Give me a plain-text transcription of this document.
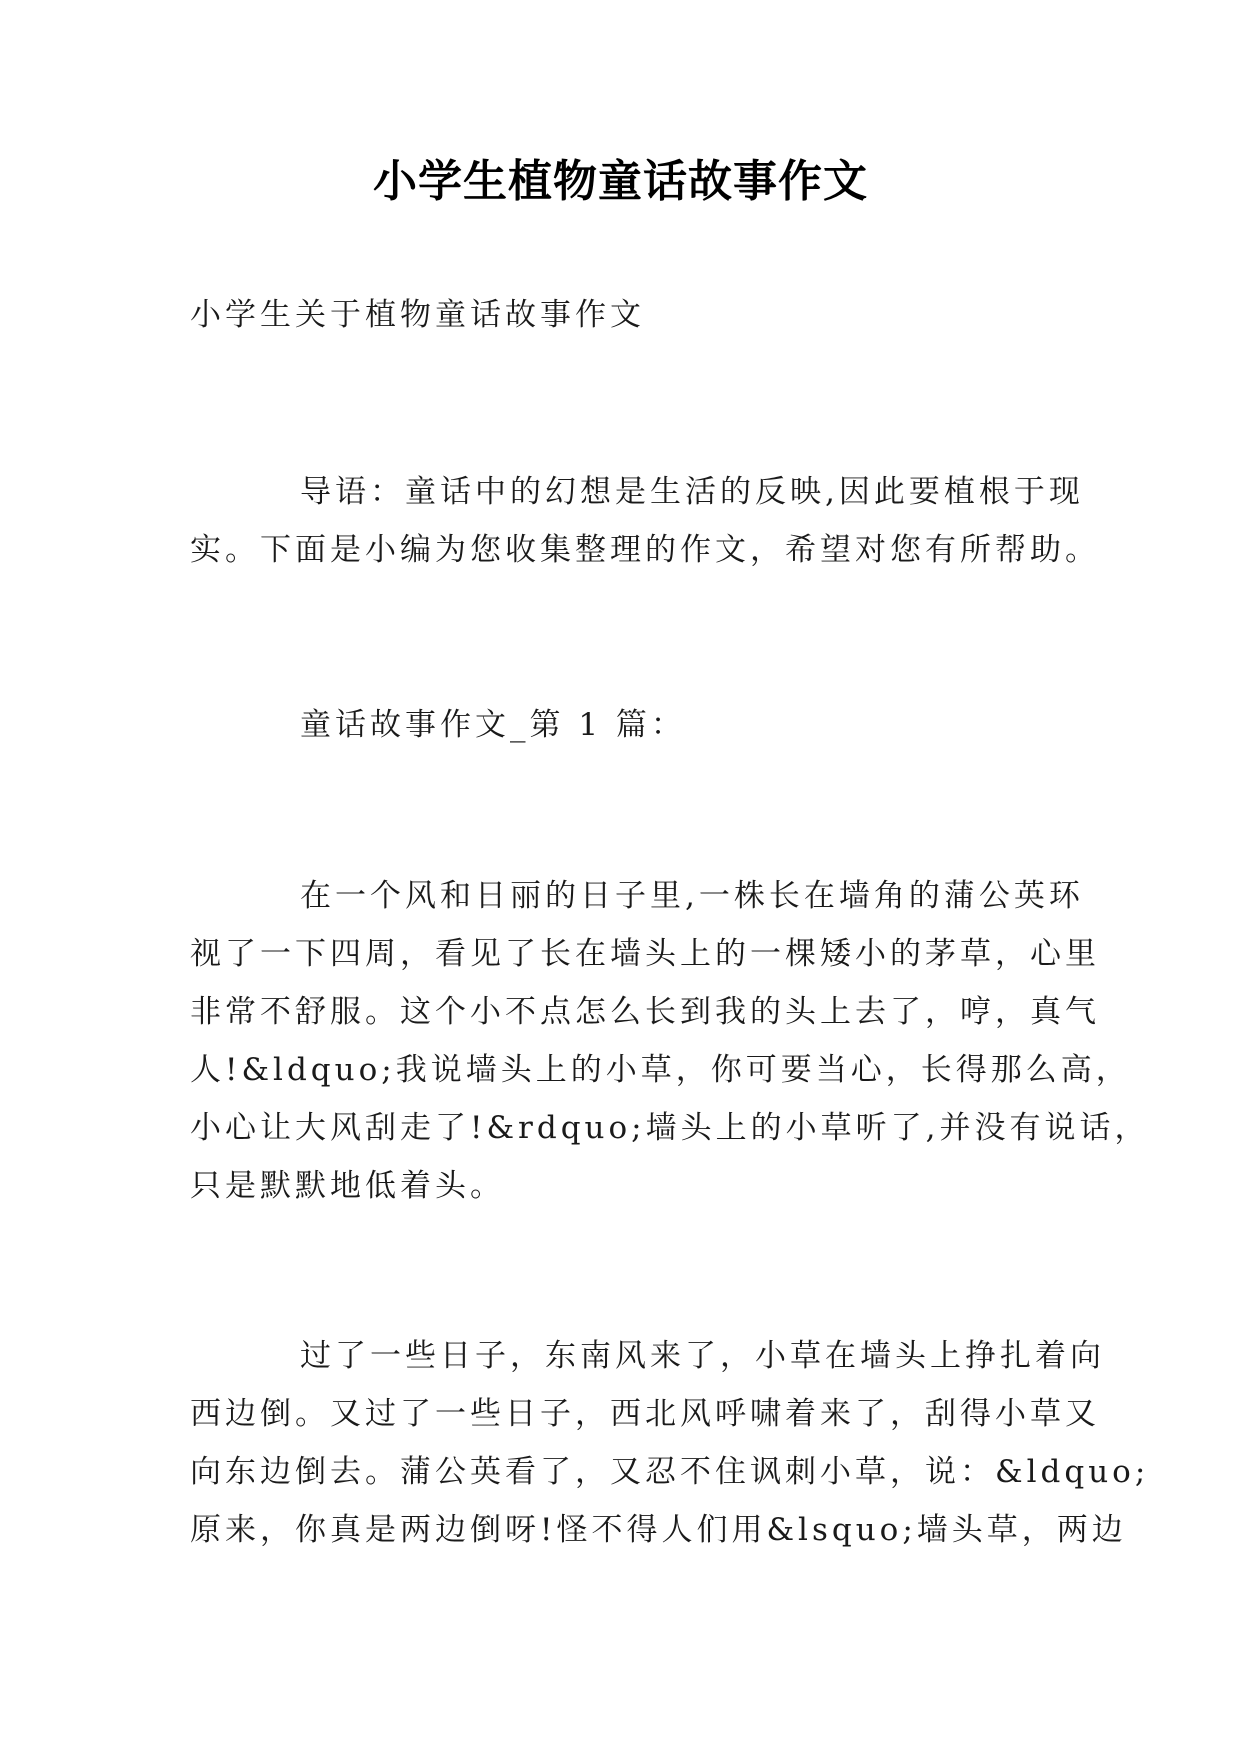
小学生植物童话故事作文
小学生关于植物童话故事作文
导语：童话中的幻想是生活的反映,因此要植根于现
实。下面是小编为您收集整理的作文，希望对您有所帮助。
童话故事作文_第 1 篇：
在一个风和日丽的日子里,一株长在墙角的蒲公英环
视了一下四周，看见了长在墙头上的一棵矮小的茅草，心里
非常不舒服。这个小不点怎么长到我的头上去了，哼，真气
人!&ldquo;我说墙头上的小草，你可要当心，长得那么高，
小心让大风刮走了!&rdquo;墙头上的小草听了,并没有说话，
只是默默地低着头。
过了一些日子，东南风来了，小草在墙头上挣扎着向
西边倒。又过了一些日子，西北风呼啸着来了，刮得小草又
向东边倒去。蒲公英看了，又忍不住讽刺小草，说：&ldquo;
原来，你真是两边倒呀!怪不得人们用&lsquo;墙头草，两边
